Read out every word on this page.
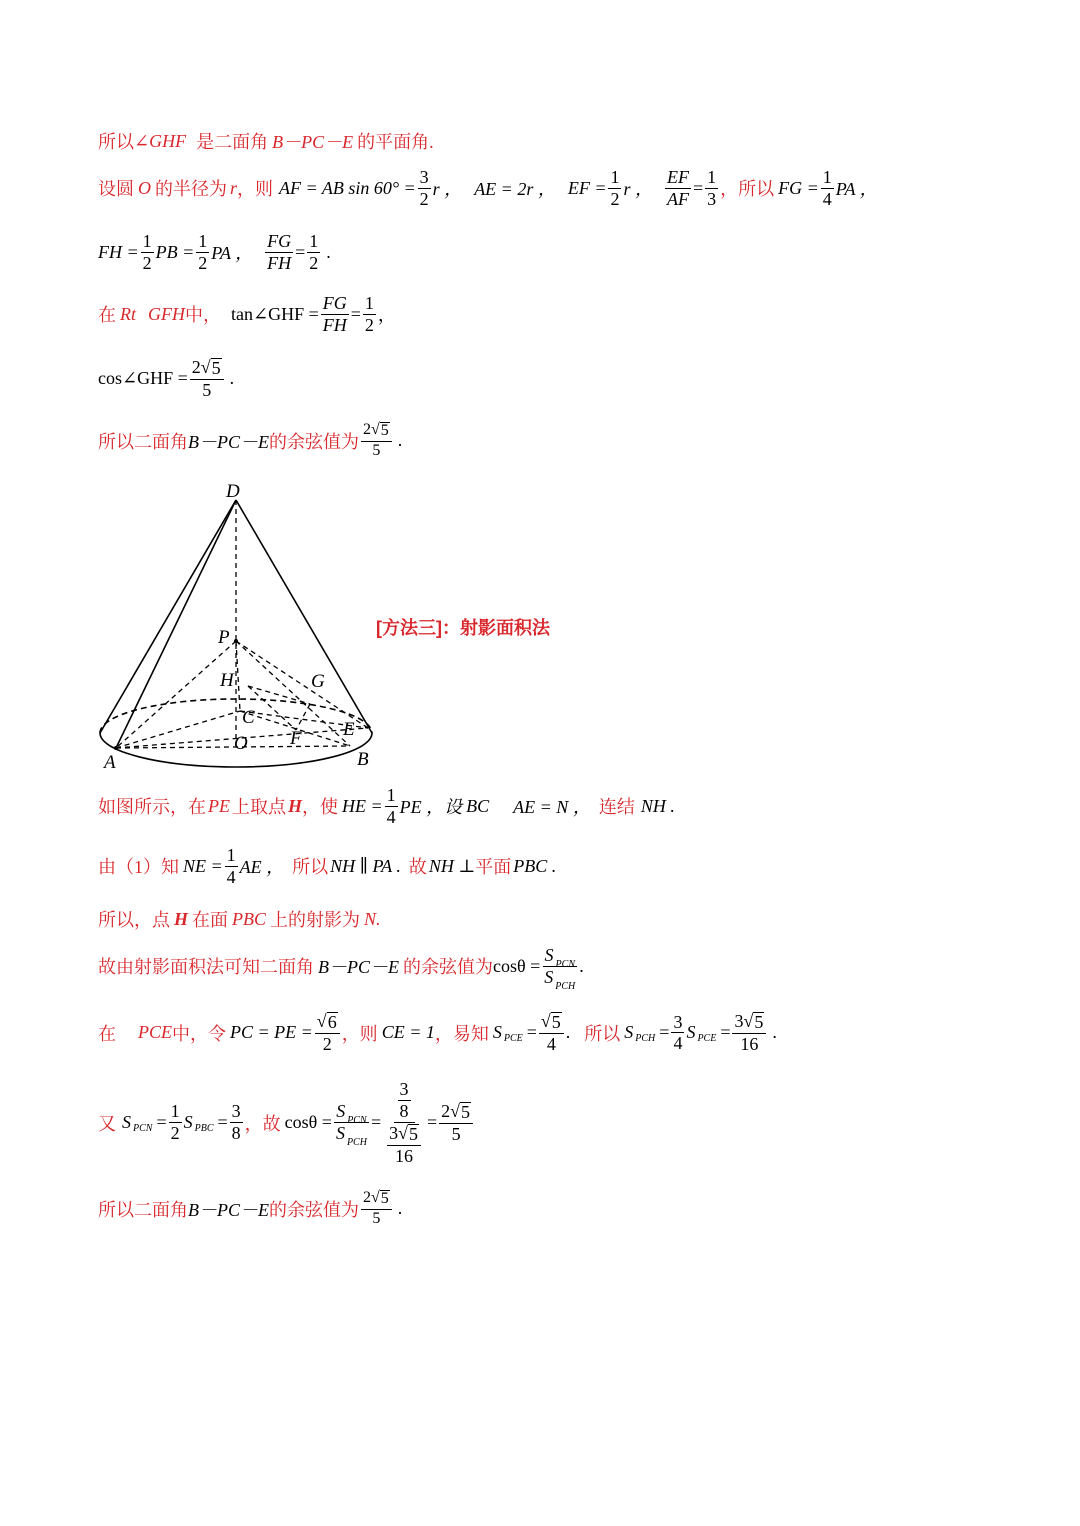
所以 ∠GHF 是二面角 B－PC－E 的平面角.
设圆 O 的半径为 r ，则 AF = AB $\sin 60^\circ = \frac{3}{2}$ r ， AE = 2r ， EF = $\frac{1}{2}$ r ， $\frac{EF}{AF} = \frac{1}{3}$ ，所以 FG = $\frac{1}{4}$ PA ，
FH = $\frac{1}{2}$ PB = $\frac{1}{2}$ PA ， $\frac{FG}{FH} = \frac{1}{2}$ .
在 Rt GFH 中， tan∠GHF = $\frac{FG}{FH} = \frac{1}{2}$ ，
cos∠GHF = $\frac{2√ 5}{5}$ .
所以二面角 B－PC－E 的余弦值为 $\frac{2√ 5}{5}$ .
D
P
H	G
C
E
O F
A	B
[方法三]：射影面积法
如图所示，在 PE 上取点 H ，使 HE = $\frac{1}{4}$ PE ，设 BC AE = N ， 连结 NH .
由（1）知 NE = $\frac{1}{4}$ AE ， 所以 NH ∥ PA . 故 NH ⊥ 平面 PBC .
所以，点 H 在面 PBC 上的射影为 N.
故由射影面积法可知二面角 B－PC－E 的余弦值为 $\cos\theta = \frac{S _{PCN}}{S _{PCH}}$ .
在 PCE 中，令 PC = PE = $\frac{√ 6}{2}$ ，则 CE = 1 ，易知 S PCE = $\frac{√ 5}{4}$ . 所以 S PCH = $\frac{3}{4}$ S PCE = $\frac{3√ 5}{16}$ .
又 S PCN = $\frac{1}{2}$ S PBC = $\frac{3}{8}$ ，故 $\cos\theta = \frac{S _{PCN}}{S _{PCH}} = \frac{\frac{3}{8}}{\frac{3√ 5}{16}} = \frac{2√ 5}{5}$
所以二面角 B－PC－E 的余弦值为 $\frac{2√ 5}{5}$ .
